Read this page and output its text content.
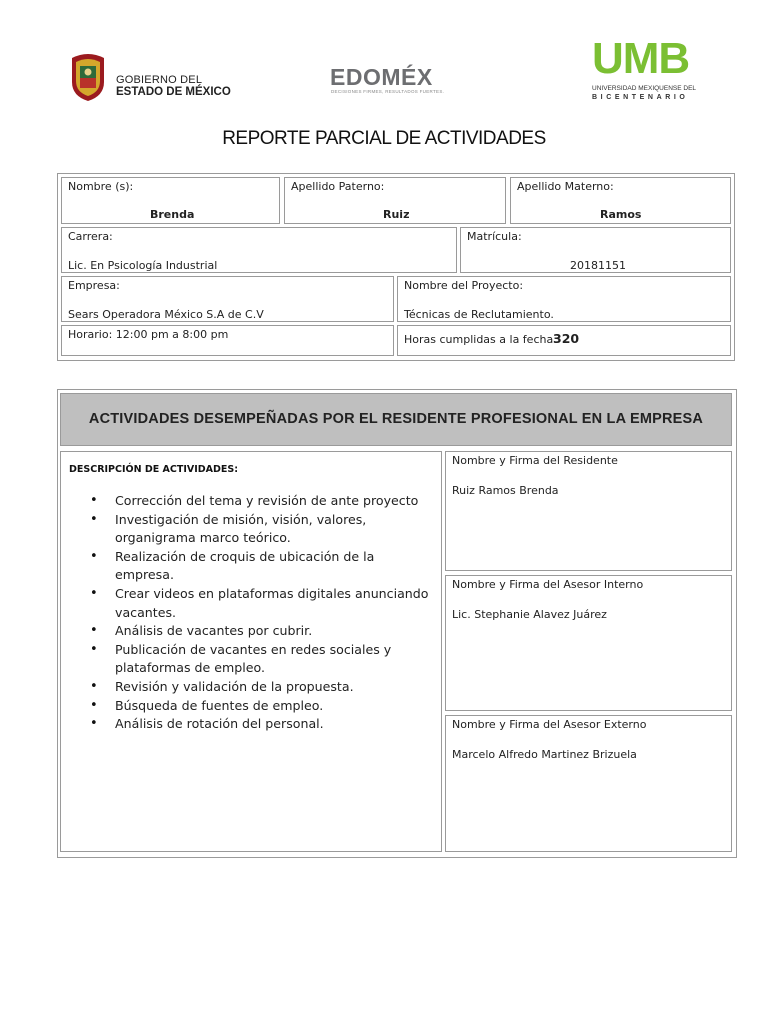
GOBIERNO DEL
ESTADO DE MÉXICO
EDOMÉX
DECISIONES FIRMES, RESULTADOS FUERTES.
UMB
UNIVERSIDAD MEXIQUENSE DEL
BICENTENARIO
REPORTE PARCIAL DE ACTIVIDADES
Nombre (s):
Brenda
Apellido Paterno:
Ruiz
Apellido Materno:
Ramos
Carrera:
Lic. En Psicología Industrial
Matrícula:
20181151
Empresa:
Sears Operadora México S.A de C.V
Nombre del Proyecto:
Técnicas de Reclutamiento.
Horario: 12:00 pm a 8:00 pm	Horas cumplidas a la fecha:
320
ACTIVIDADES DESEMPEÑADAS POR EL RESIDENTE PROFESIONAL EN LA EMPRESA
DESCRIPCIÓN DE ACTIVIDADES:
• Corrección del tema y revisión de ante proyecto
• Investigación de misión, visión, valores, organigrama marco teórico.
• Realización de croquis de ubicación de la empresa.
• Crear videos en plataformas digitales anunciando vacantes.
• Análisis de vacantes por cubrir.
• Publicación de vacantes en redes sociales y plataformas de empleo.
• Revisión y validación de la propuesta.
• Búsqueda de fuentes de empleo.
• Análisis de rotación del personal.
Nombre y Firma del Residente
Ruiz Ramos Brenda
Nombre y Firma del Asesor Interno
Lic. Stephanie Alavez Juárez
Nombre y Firma del Asesor Externo
Marcelo Alfredo Martinez Brizuela
